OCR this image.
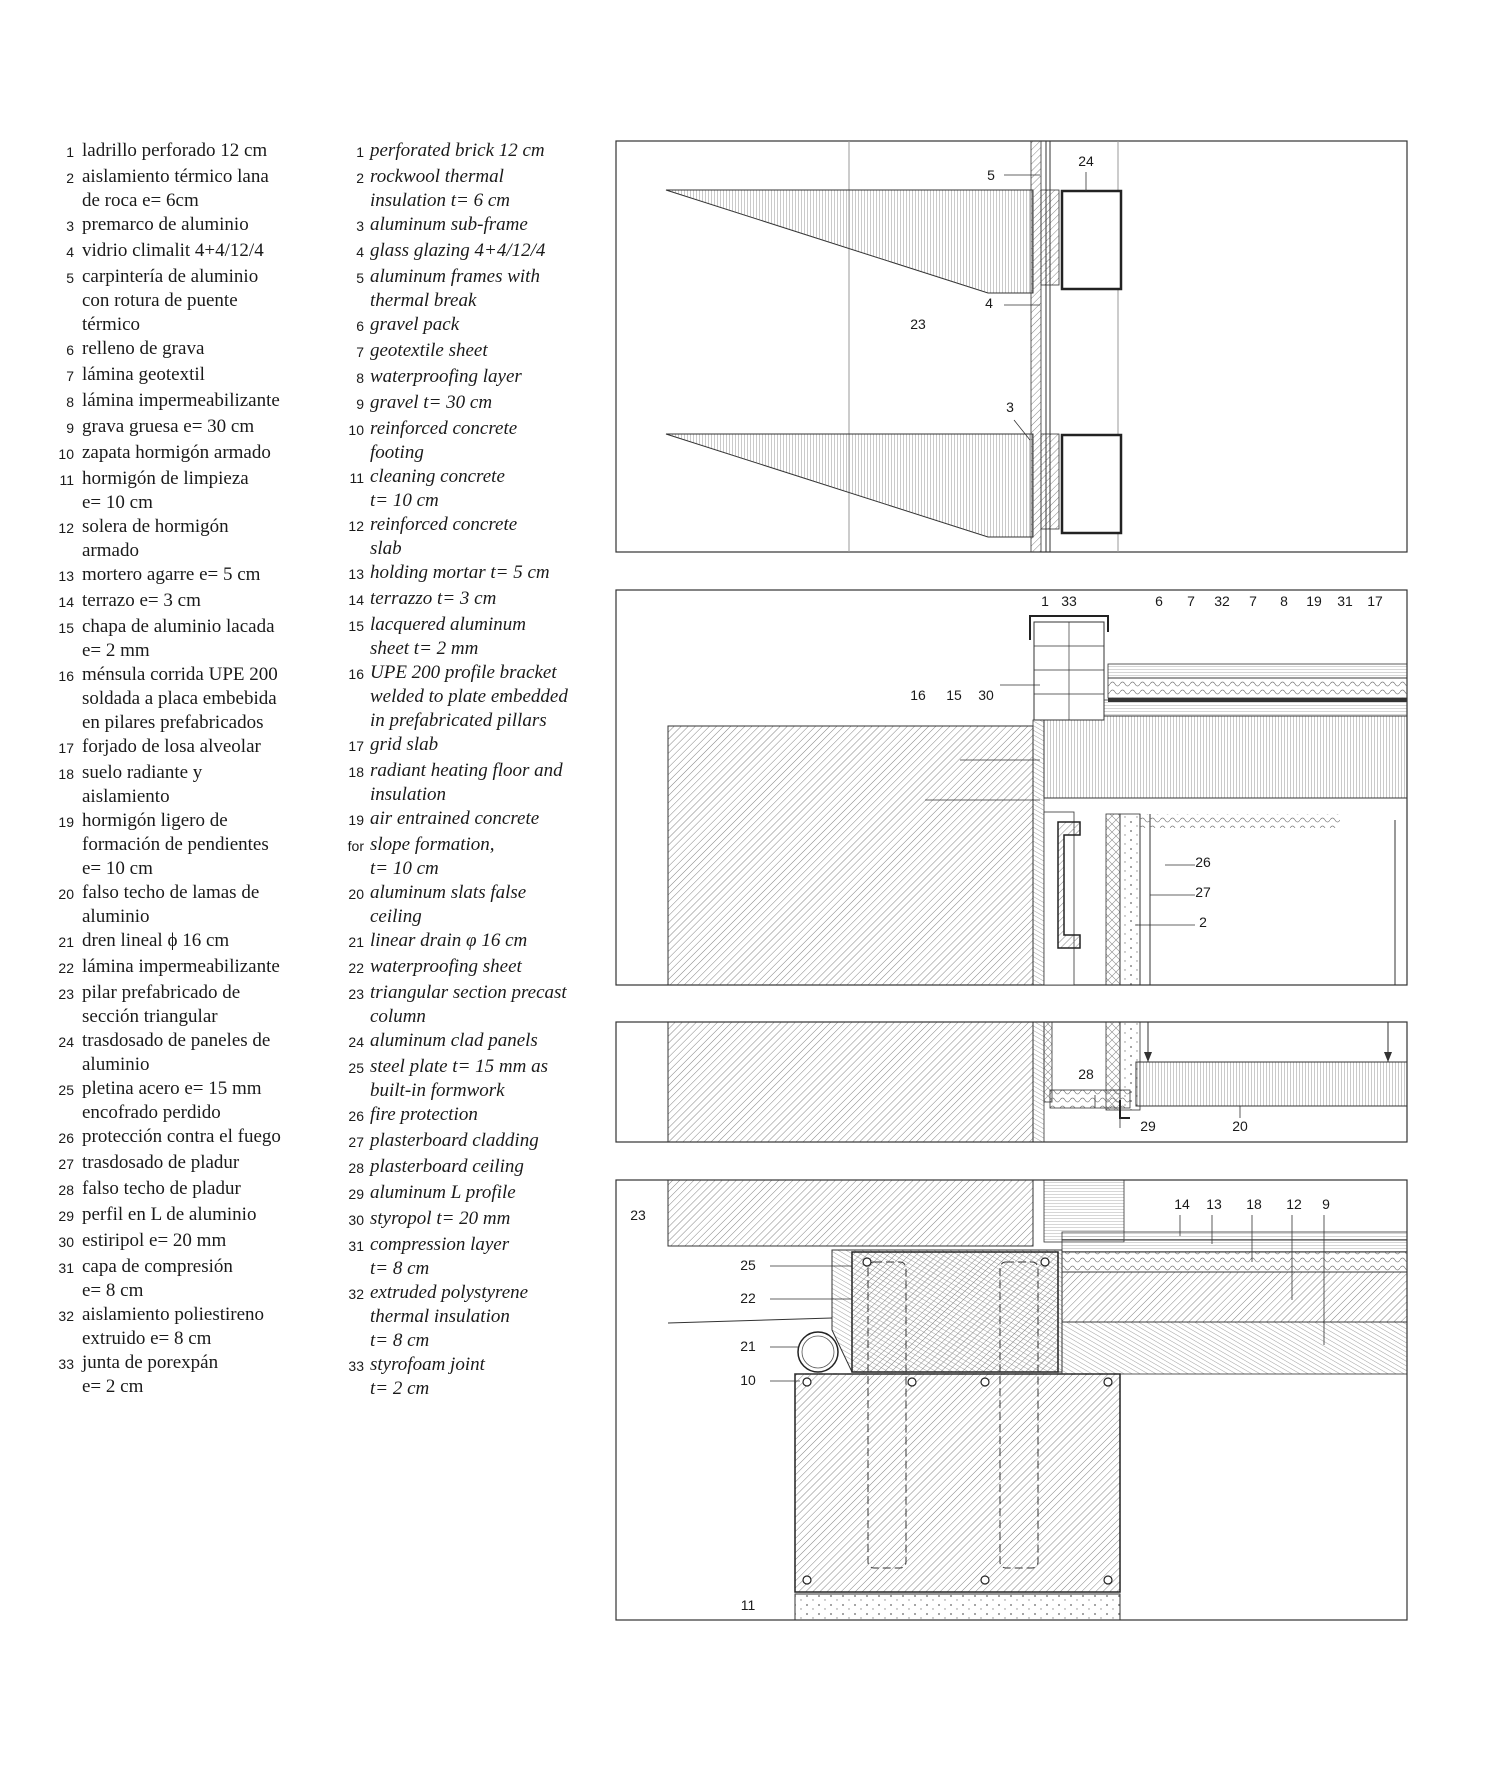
1 ladrillo perforado 12 cm
2 aislamiento térmico lana
de roca e= 6cm
3 premarco de aluminio
4 vidrio climalit 4+4/12/4
5 carpintería de aluminio
con rotura de puente
térmico
6 relleno de grava
7 lámina geotextil
8 lámina impermeabilizante
9 grava gruesa e= 30 cm
10 zapata hormigón armado
11 hormigón de limpieza
e= 10 cm
12 solera de hormigón
armado
13 mortero agarre e= 5 cm
14 terrazo e= 3 cm
15 chapa de aluminio lacada
e= 2 mm
16 ménsula corrida UPE 200
soldada a placa embebida
en pilares prefabricados
17 forjado de losa alveolar
18 suelo radiante y
aislamiento
19 hormigón ligero de
formación de pendientes
e= 10 cm
20 falso techo de lamas de
aluminio
21 dren lineal ϕ 16 cm
22 lámina impermeabilizante
23 pilar prefabricado de
sección triangular
24 trasdosado de paneles de
aluminio
25 pletina acero e= 15 mm
encofrado perdido
26 protección contra el fuego
27 trasdosado de pladur
28 falso techo de pladur
29 perfil en L de aluminio
30 estiripol e= 20 mm
31 capa de compresión
e= 8 cm
32 aislamiento poliestireno
extruido e= 8 cm
33 junta de porexpán
e= 2 cm
1 perforated brick 12 cm
2 rockwool thermal
insulation t= 6 cm
3 aluminum sub-frame
4 glass glazing 4+4/12/4
5 aluminum frames with
thermal break
6 gravel pack
7 geotextile sheet
8 waterproofing layer
9 gravel t= 30 cm
10 reinforced concrete
footing
11 cleaning concrete
t= 10 cm
12 reinforced concrete
slab
13 holding mortar t= 5 cm
14 terrazzo t= 3 cm
15 lacquered aluminum
sheet t= 2 mm
16 UPE 200 profile bracket
welded to plate embedded
in prefabricated pillars
17 grid slab
18 radiant heating floor and
insulation
19 air entrained concrete
for slope formation,
t= 10 cm
20 aluminum slats false
ceiling
21 linear drain φ 16 cm
22 waterproofing sheet
23 triangular section precast
column
24 aluminum clad panels
25 steel plate t= 15 mm as
built-in formwork
26 fire protection
27 plasterboard cladding
28 plasterboard ceiling
29 aluminum L profile
30 styropol t= 20 mm
31 compression layer
t= 8 cm
32 extruded polystyrene
thermal insulation
t= 8 cm
33 styrofoam joint
t= 2 cm
5
24
23
4
3
1 33	6 7 32 7 8 19 31 17
16 15 30
26
27
2
28
29	20
23
14 13 18 12 9
25
22
21
10
11
